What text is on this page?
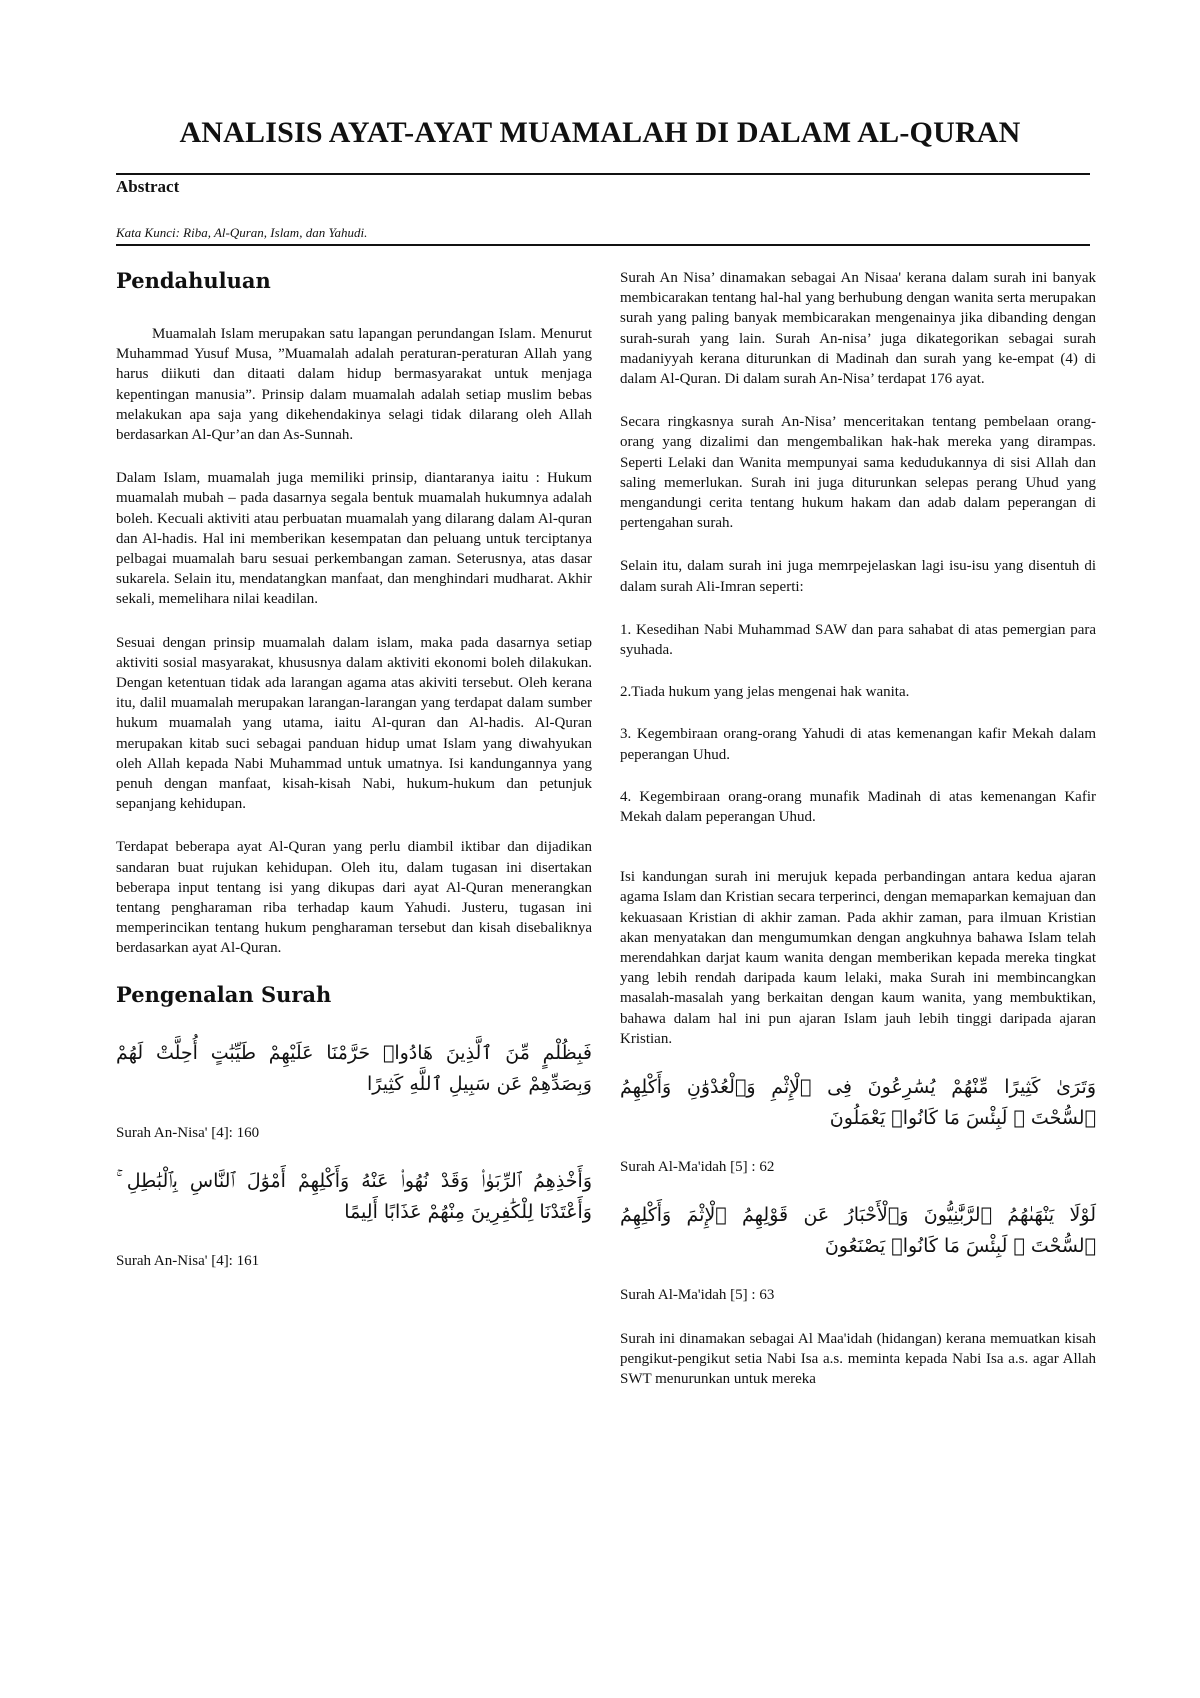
ANALISIS AYAT-AYAT MUAMALAH DI DALAM AL-QURAN
Abstract
Kata Kunci: Riba, Al-Quran, Islam, dan Yahudi.
Pendahuluan

Muamalah Islam merupakan satu lapangan perundangan Islam. Menurut Muhammad Yusuf Musa, ”Muamalah adalah peraturan-peraturan Allah yang harus diikuti dan ditaati dalam hidup bermasyarakat untuk menjaga kepentingan manusia”. Prinsip dalam muamalah adalah setiap muslim bebas melakukan apa saja yang dikehendakinya selagi tidak dilarang oleh Allah berdasarkan Al-Qur’an dan As-Sunnah.

Dalam Islam, muamalah juga memiliki prinsip, diantaranya iaitu : Hukum muamalah mubah – pada dasarnya segala bentuk muamalah hukumnya adalah boleh. Kecuali aktiviti atau perbuatan muamalah yang dilarang dalam Al-quran dan Al-hadis. Hal ini memberikan kesempatan dan peluang untuk terciptanya pelbagai muamalah baru sesuai perkembangan zaman. Seterusnya, atas dasar sukarela. Selain itu, mendatangkan manfaat, dan menghindari mudharat. Akhir sekali, memelihara nilai keadilan.

Sesuai dengan prinsip muamalah dalam islam, maka pada dasarnya setiap aktiviti sosial masyarakat, khususnya dalam aktiviti ekonomi boleh dilakukan. Dengan ketentuan tidak ada larangan agama atas akiviti tersebut. Oleh kerana itu, dalil muamalah merupakan larangan-larangan yang terdapat dalam sumber hukum muamalah yang utama, iaitu Al-quran dan Al-hadis. Al-Quran merupakan kitab suci sebagai panduan hidup umat Islam yang diwahyukan oleh Allah kepada Nabi Muhammad untuk umatnya. Isi kandungannya yang penuh dengan manfaat, kisah-kisah Nabi, hukum-hukum dan petunjuk sepanjang kehidupan.

Terdapat beberapa ayat Al-Quran yang perlu diambil iktibar dan dijadikan sandaran buat rujukan kehidupan. Oleh itu, dalam tugasan ini disertakan beberapa input tentang isi yang dikupas dari ayat Al-Quran menerangkan tentang pengharaman riba terhadap kaum Yahudi. Justeru, tugasan ini memperincikan tentang hukum pengharaman tersebut dan kisah disebaliknya berdasarkan ayat Al-Quran.

Pengenalan Surah

فَبِظُلْمٍ مِّنَ ٱلَّذِينَ هَادُوا۟ حَرَّمْنَا عَلَيْهِمْ طَيِّبَٰتٍ أُحِلَّتْ لَهُمْ وَبِصَدِّهِمْ عَن سَبِيلِ ٱللَّهِ كَثِيرًا

Surah An-Nisa' [4]: 160

وَأَخْذِهِمُ ٱلرِّبَوٰا۟ وَقَدْ نُهُوا۟ عَنْهُ وَأَكْلِهِمْ أَمْوَٰلَ ٱلنَّاسِ بِٱلْبَٰطِلِ ۚ وَأَعْتَدْنَا لِلْكَٰفِرِينَ مِنْهُمْ عَذَابًا أَلِيمًا

Surah An-Nisa' [4]: 161

Surah An Nisa’ dinamakan sebagai An Nisaa' kerana dalam surah ini banyak membicarakan tentang hal-hal yang berhubung dengan wanita serta merupakan surah yang paling banyak membicarakan mengenainya jika dibanding dengan surah-surah yang lain. Surah An-nisa’ juga dikategorikan sebagai surah madaniyyah kerana diturunkan di Madinah dan surah yang ke-empat (4) di dalam Al-Quran. Di dalam surah An-Nisa’ terdapat 176 ayat.

Secara ringkasnya surah An-Nisa’ menceritakan tentang pembelaan orang-orang yang dizalimi dan mengembalikan hak-hak mereka yang dirampas. Seperti Lelaki dan Wanita mempunyai sama kedudukannya di sisi Allah dan saling memerlukan. Surah ini juga diturunkan selepas perang Uhud yang mengandungi cerita tentang hukum hakam dan adab dalam peperangan di pertengahan surah.

Selain itu, dalam surah ini juga memrpejelaskan lagi isu-isu yang disentuh di dalam surah Ali-Imran seperti:

1. Kesedihan Nabi Muhammad SAW dan para sahabat di atas pemergian para syuhada.

2.Tiada hukum yang jelas mengenai hak wanita.

3. Kegembiraan orang-orang Yahudi di atas kemenangan kafir Mekah dalam peperangan Uhud.

4. Kegembiraan orang-orang munafik Madinah di atas kemenangan Kafir Mekah dalam peperangan Uhud.

Isi kandungan surah ini merujuk kepada perbandingan antara kedua ajaran agama Islam dan Kristian secara terperinci, dengan memaparkan kemajuan dan kekuasaan Kristian di akhir zaman. Pada akhir zaman, para ilmuan Kristian akan menyatakan dan mengumumkan dengan angkuhnya bahawa Islam telah merendahkan darjat kaum wanita dengan memberikan kepada mereka tingkat yang lebih rendah daripada kaum lelaki, maka Surah ini membincangkan masalah-masalah yang berkaitan dengan kaum wanita, yang membuktikan, bahawa dalam hal ini pun ajaran Islam jauh lebih tinggi daripada ajaran Kristian.

وَتَرَىٰ كَثِيرًا مِّنْهُمْ يُسَٰرِعُونَ فِى ٱلْإِثْمِ وَٱلْعُدْوَٰنِ وَأَكْلِهِمُ ٱلسُّحْتَ ۚ لَبِئْسَ مَا كَانُوا۟ يَعْمَلُونَ

Surah Al-Ma'idah [5] : 62

لَوْلَا يَنْهَىٰهُمُ ٱلرَّبَّٰنِيُّونَ وَٱلْأَحْبَارُ عَن قَوْلِهِمُ ٱلْإِثْمَ وَأَكْلِهِمُ ٱلسُّحْتَ ۚ لَبِئْسَ مَا كَانُوا۟ يَصْنَعُونَ

Surah Al-Ma'idah [5] : 63

Surah ini dinamakan sebagai Al Maa'idah (hidangan) kerana memuatkan kisah pengikut-pengikut setia Nabi Isa a.s. meminta kepada Nabi Isa a.s. agar Allah SWT menurunkan untuk mereka
